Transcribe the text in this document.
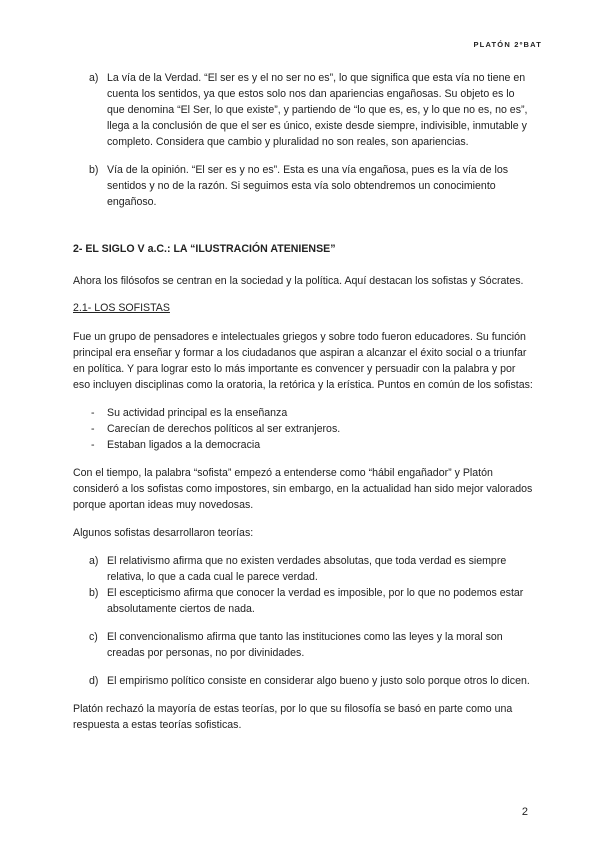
PLATÓN 2ºBAT
a) La vía de la Verdad. “El ser es y el no ser no es”, lo que significa que esta vía no tiene en cuenta los sentidos, ya que estos solo nos dan apariencias engañosas. Su objeto es lo que denomina “El Ser, lo que existe”, y partiendo de “lo que es, es, y lo que no es, no es”, llega a la conclusión de que el ser es único, existe desde siempre, indivisible, inmutable y completo. Considera que cambio y pluralidad no son reales, son apariencias.
b) Vía de la opinión. “El ser es y no es”. Esta es una vía engañosa, pues es la vía de los sentidos y no de la razón. Si seguimos esta vía solo obtendremos un conocimiento engañoso.
2- EL SIGLO V a.C.: LA “ILUSTRACIÓN ATENIENSE”

Ahora los filósofos se centran en la sociedad y la política. Aquí destacan los sofistas y Sócrates.

2.1- LOS SOFISTAS

Fue un grupo de pensadores e intelectuales griegos y sobre todo fueron educadores. Su función principal era enseñar y formar a los ciudadanos que aspiran a alcanzar el éxito social o a triunfar en política. Y para lograr esto lo más importante es convencer y persuadir con la palabra y por eso incluyen disciplinas como la oratoria, la retórica y la erística. Puntos en común de los sofistas:

- Su actividad principal es la enseñanza
- Carecían de derechos políticos al ser extranjeros.
- Estaban ligados a la democracia

Con el tiempo, la palabra “sofista” empezó a entenderse como “hábil engañador” y Platón consideró a los sofistas como impostores, sin embargo, en la actualidad han sido mejor valorados porque aportan ideas muy novedosas.

Algunos sofistas desarrollaron teorías:

a) El relativismo afirma que no existen verdades absolutas, que toda verdad es siempre relativa, lo que a cada cual le parece verdad.
b) El escepticismo afirma que conocer la verdad es imposible, por lo que no podemos estar absolutamente ciertos de nada.
c) El convencionalismo afirma que tanto las instituciones como las leyes y la moral son creadas por personas, no por divinidades.
d) El empirismo político consiste en considerar algo bueno y justo solo porque otros lo dicen.

Platón rechazó la mayoría de estas teorías, por lo que su filosofía se basó en parte como una respuesta a estas teorías sofisticas.

2
